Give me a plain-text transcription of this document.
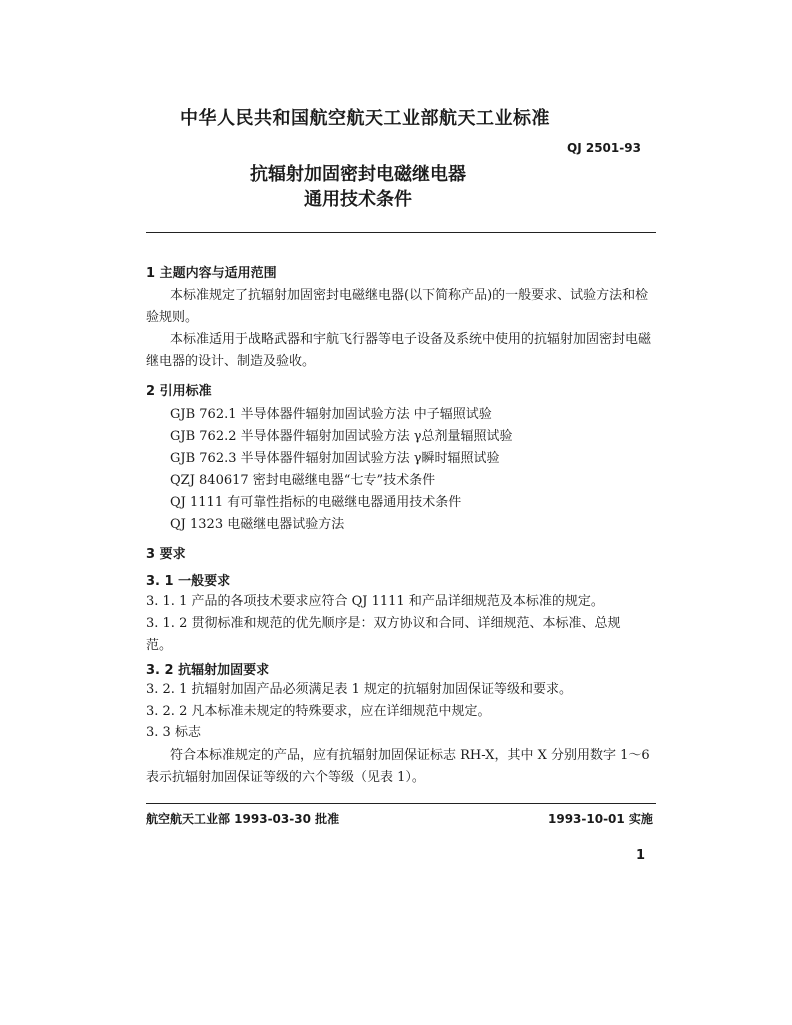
中华人民共和国航空航天工业部航天工业标准
QJ 2501-93
抗辐射加固密封电磁继电器
通用技术条件
1 主题内容与适用范围
本标准规定了抗辐射加固密封电磁继电器(以下简称产品)的一般要求、试验方法和检
验规则。
本标准适用于战略武器和宇航飞行器等电子设备及系统中使用的抗辐射加固密封电磁
继电器的设计、制造及验收。
2 引用标准
GJB 762.1 半导体器件辐射加固试验方法 中子辐照试验
GJB 762.2 半导体器件辐射加固试验方法 γ总剂量辐照试验
GJB 762.3 半导体器件辐射加固试验方法 γ瞬时辐照试验
QZJ 840617 密封电磁继电器“七专”技术条件
QJ 1111 有可靠性指标的电磁继电器通用技术条件
QJ 1323 电磁继电器试验方法
3 要求
3. 1 一般要求
3. 1. 1 产品的各项技术要求应符合 QJ 1111 和产品详细规范及本标准的规定。
3. 1. 2 贯彻标准和规范的优先顺序是：双方协议和合同、详细规范、本标准、总规
范。
3. 2 抗辐射加固要求
3. 2. 1 抗辐射加固产品必须满足表 1 规定的抗辐射加固保证等级和要求。
3. 2. 2 凡本标准未规定的特殊要求，应在详细规范中规定。
3. 3 标志
符合本标准规定的产品，应有抗辐射加固保证标志 RH-X，其中 X 分别用数字 1～6
表示抗辐射加固保证等级的六个等级（见表 1）。
航空航天工业部 1993-03-30 批准	1993-10-01 实施
1
